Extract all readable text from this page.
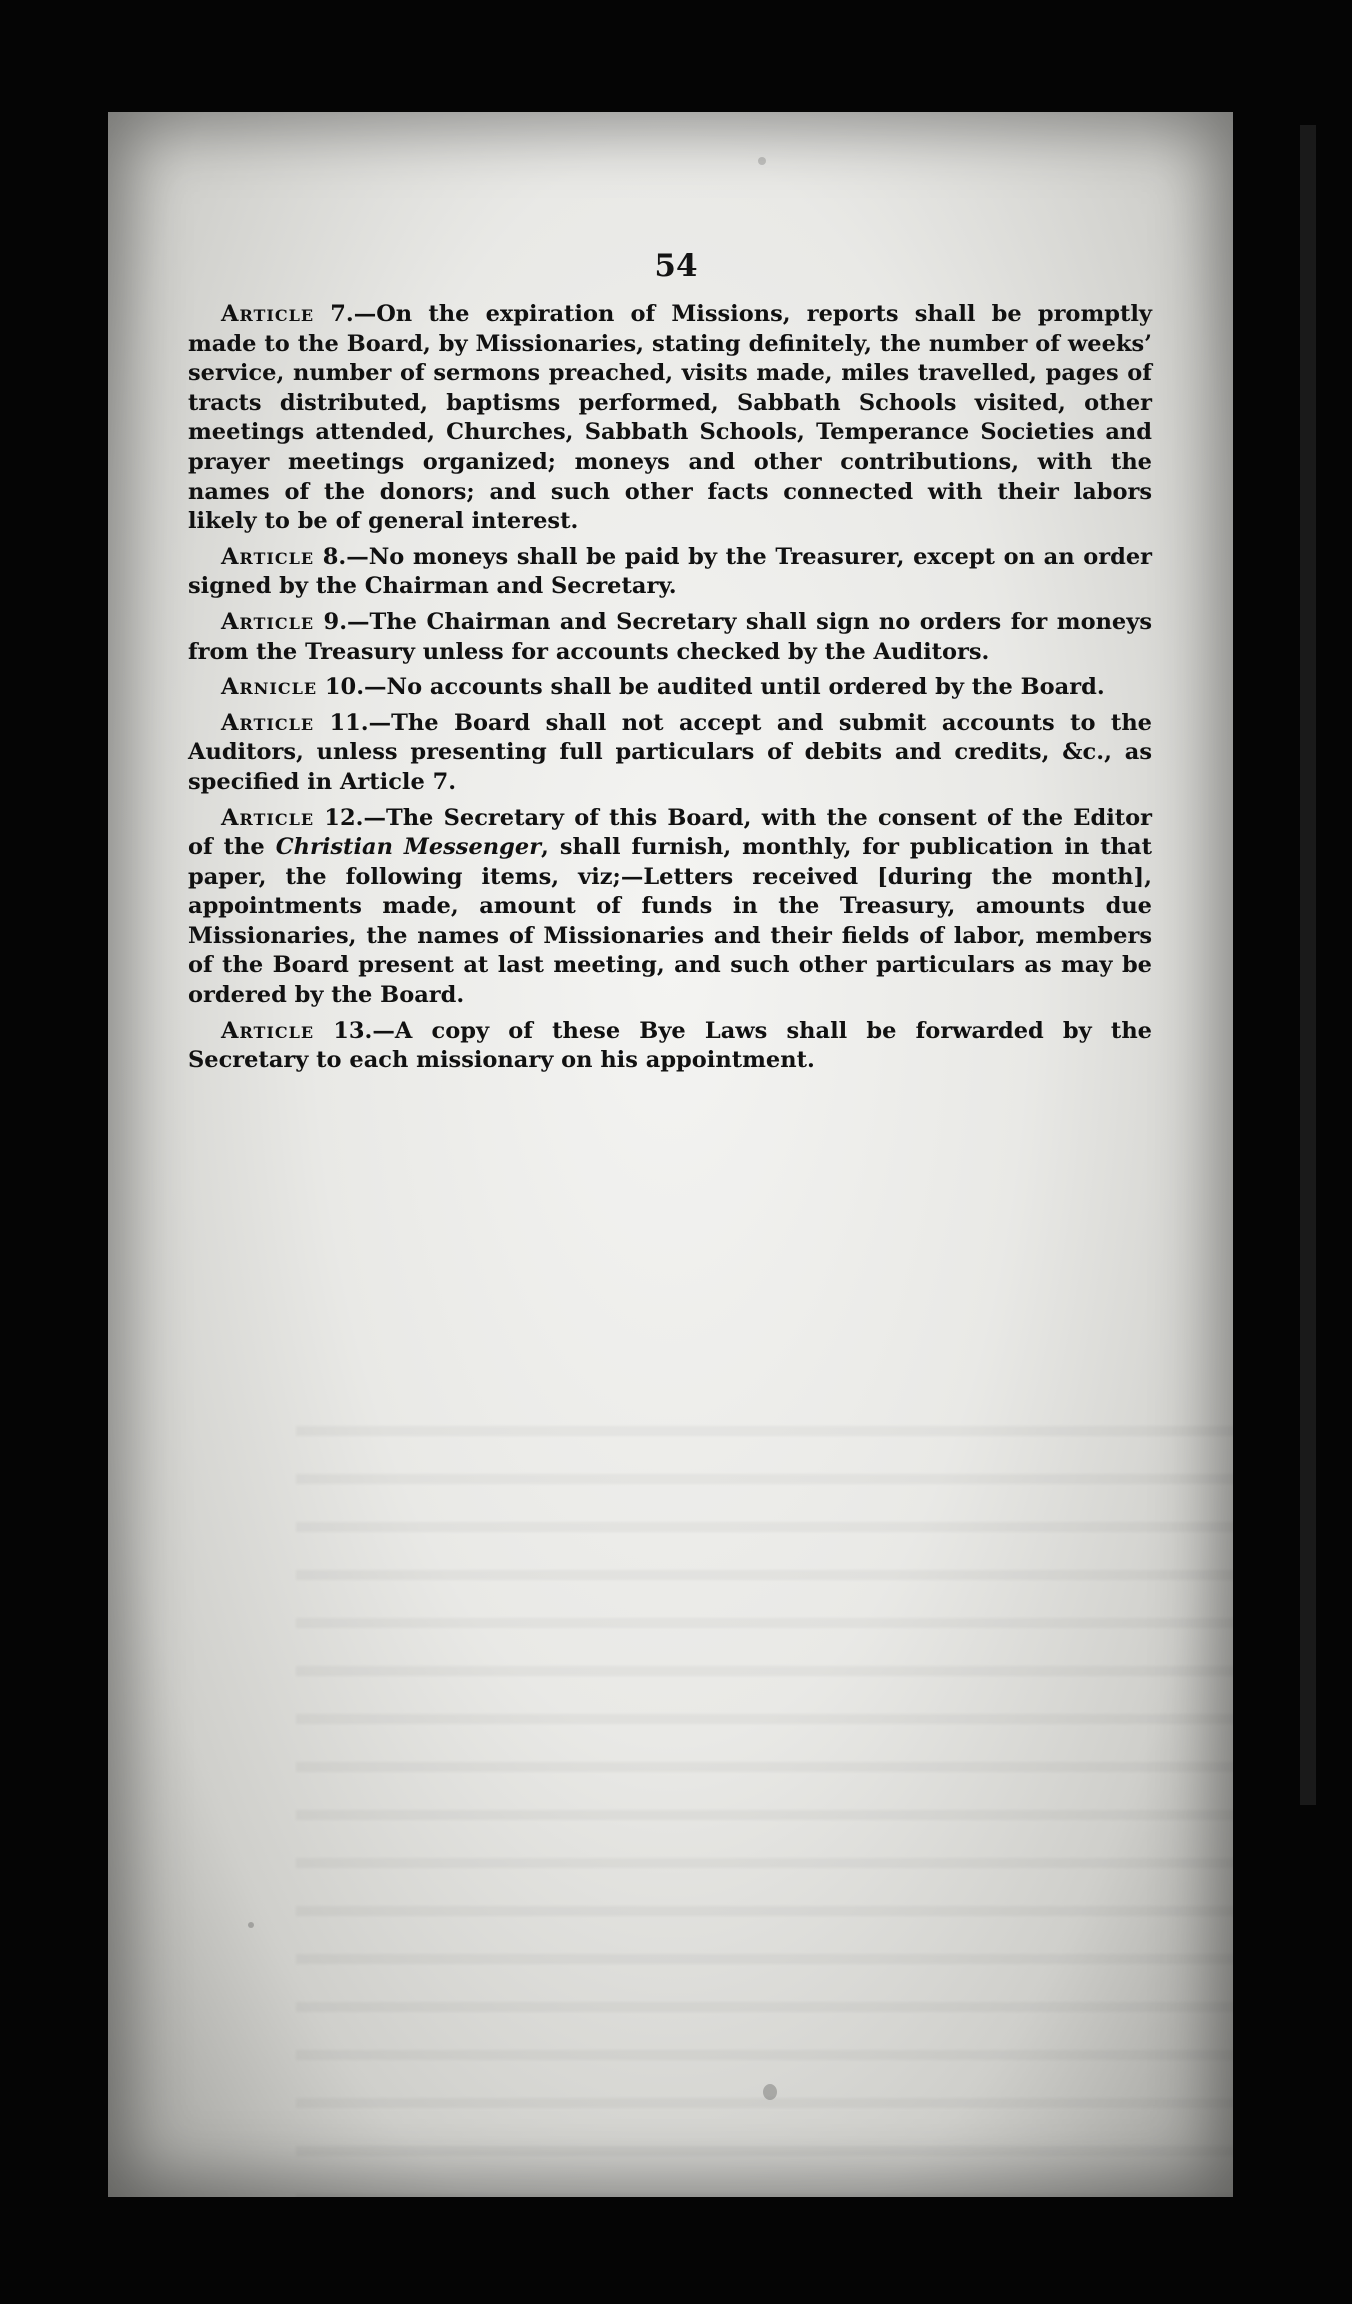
54

Article 7.—On the expiration of Missions, reports shall be promptly made to the Board, by Missionaries, stating definitely, the number of weeks’ service, number of sermons preached, visits made, miles travelled, pages of tracts distributed, baptisms performed, Sabbath Schools visited, other meetings attended, Churches, Sabbath Schools, Temperance Societies and prayer meetings organized; moneys and other contributions, with the names of the donors; and such other facts connected with their labors likely to be of general interest.

Article 8.—No moneys shall be paid by the Treasurer, except on an order signed by the Chairman and Secretary.

Article 9.—The Chairman and Secretary shall sign no orders for moneys from the Treasury unless for accounts checked by the Auditors.

Arnicle 10.—No accounts shall be audited until ordered by the Board.

Article 11.—The Board shall not accept and submit accounts to the Auditors, unless presenting full particulars of debits and credits, &c., as specified in Article 7.

Article 12.—The Secretary of this Board, with the consent of the Editor of the Christian Messenger, shall furnish, monthly, for publication in that paper, the following items, viz;—Letters received [during the month], appointments made, amount of funds in the Treasury, amounts due Missionaries, the names of Missionaries and their fields of labor, members of the Board present at last meeting, and such other particulars as may be ordered by the Board.

Article 13.—A copy of these Bye Laws shall be forwarded by the Secretary to each missionary on his appointment.
